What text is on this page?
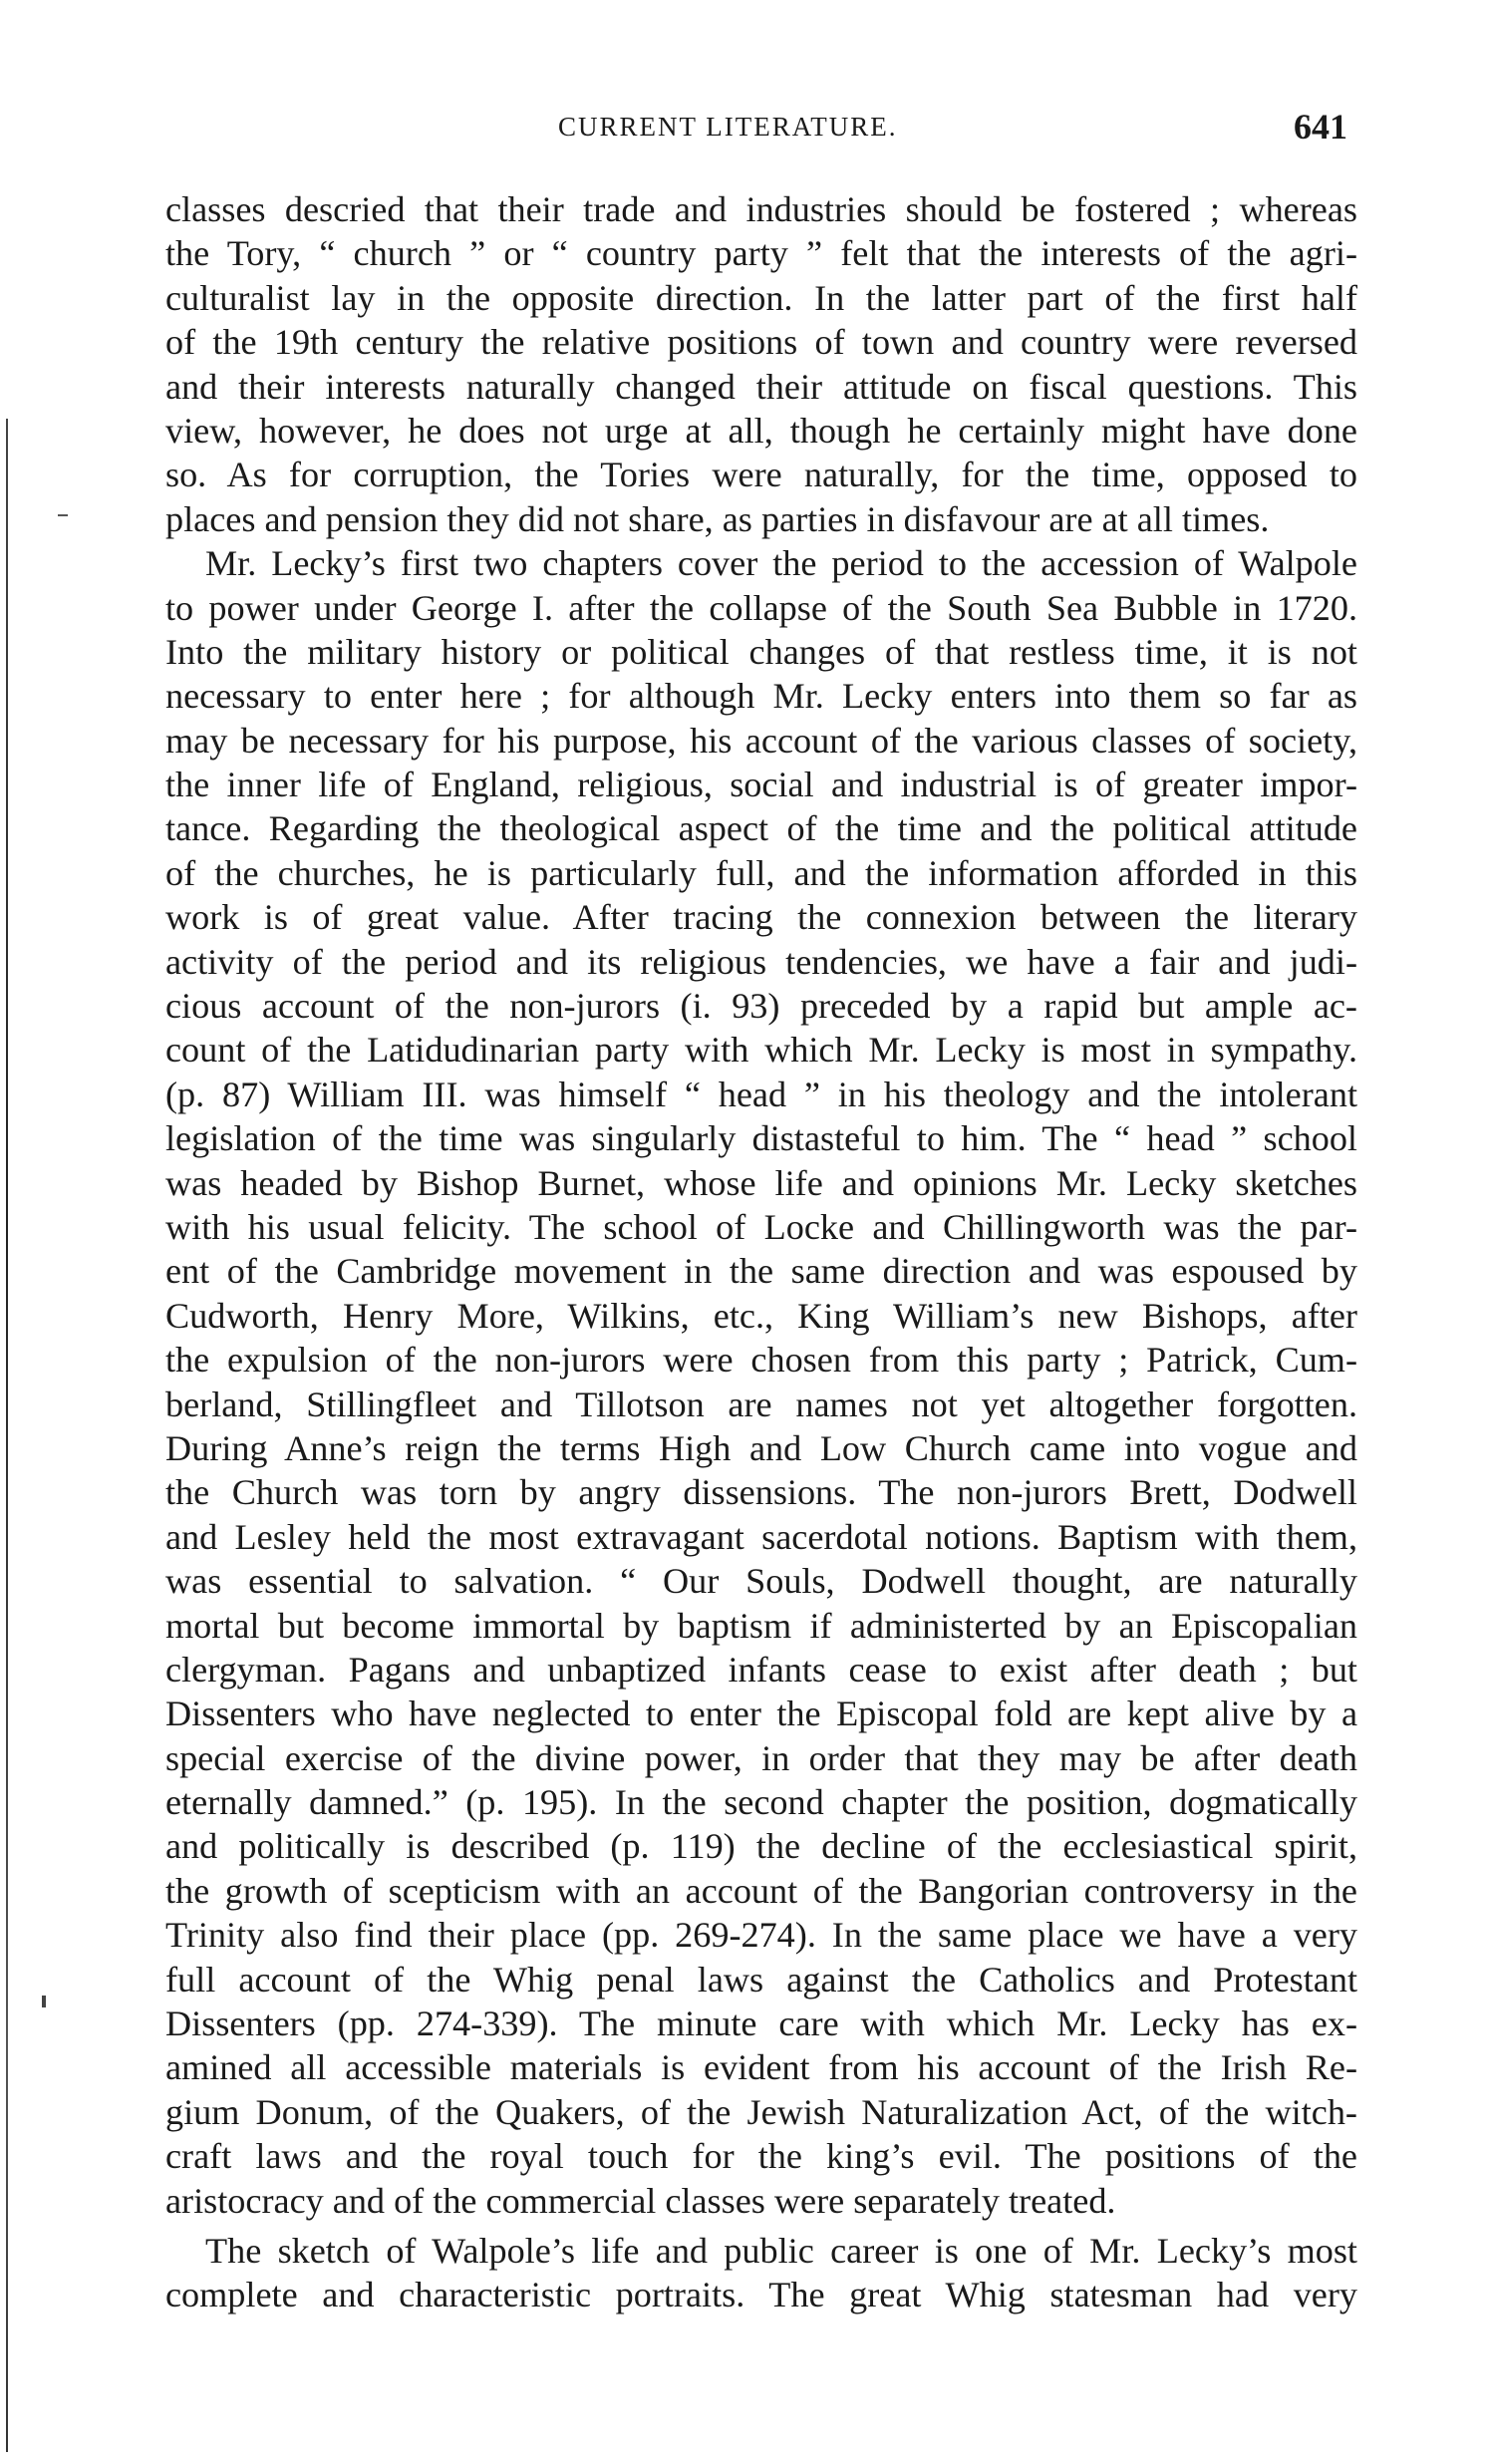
CURRENT LITERATURE.	641
classes descried that their trade and industries should be fostered ; whereas
the Tory, “ church ” or “ country party ” felt that the interests of the agri-
culturalist lay in the opposite direction. In the latter part of the first half
of the 19th century the relative positions of town and country were reversed
and their interests naturally changed their attitude on fiscal questions. This
view, however, he does not urge at all, though he certainly might have done
so. As for corruption, the Tories were naturally, for the time, opposed to
places and pension they did not share, as parties in disfavour are at all times.
Mr. Lecky’s first two chapters cover the period to the accession of Walpole
to power under George I. after the collapse of the South Sea Bubble in 1720.
Into the military history or political changes of that restless time, it is not
necessary to enter here ; for although Mr. Lecky enters into them so far as
may be necessary for his purpose, his account of the various classes of society,
the inner life of England, religious, social and industrial is of greater impor-
tance. Regarding the theological aspect of the time and the political attitude
of the churches, he is particularly full, and the information afforded in this
work is of great value. After tracing the connexion between the literary
activity of the period and its religious tendencies, we have a fair and judi-
cious account of the non-jurors (i. 93) preceded by a rapid but ample ac-
count of the Latidudinarian party with which Mr. Lecky is most in sympathy.
(p. 87) William III. was himself “ head ” in his theology and the intolerant
legislation of the time was singularly distasteful to him. The “ head ” school
was headed by Bishop Burnet, whose life and opinions Mr. Lecky sketches
with his usual felicity. The school of Locke and Chillingworth was the par-
ent of the Cambridge movement in the same direction and was espoused by
Cudworth, Henry More, Wilkins, etc., King William’s new Bishops, after
the expulsion of the non-jurors were chosen from this party ; Patrick, Cum-
berland, Stillingfleet and Tillotson are names not yet altogether forgotten.
During Anne’s reign the terms High and Low Church came into vogue and
the Church was torn by angry dissensions. The non-jurors Brett, Dodwell
and Lesley held the most extravagant sacerdotal notions. Baptism with them,
was essential to salvation. “ Our Souls, Dodwell thought, are naturally
mortal but become immortal by baptism if administerted by an Episcopalian
clergyman. Pagans and unbaptized infants cease to exist after death ; but
Dissenters who have neglected to enter the Episcopal fold are kept alive by a
special exercise of the divine power, in order that they may be after death
eternally damned.” (p. 195). In the second chapter the position, dogmatically
and politically is described (p. 119) the decline of the ecclesiastical spirit,
the growth of scepticism with an account of the Bangorian controversy in the
Trinity also find their place (pp. 269-274). In the same place we have a very
full account of the Whig penal laws against the Catholics and Protestant
Dissenters (pp. 274-339). The minute care with which Mr. Lecky has ex-
amined all accessible materials is evident from his account of the Irish Re-
gium Donum, of the Quakers, of the Jewish Naturalization Act, of the witch-
craft laws and the royal touch for the king’s evil. The positions of the
aristocracy and of the commercial classes were separately treated.
The sketch of Walpole’s life and public career is one of Mr. Lecky’s most
complete and characteristic portraits. The great Whig statesman had very
